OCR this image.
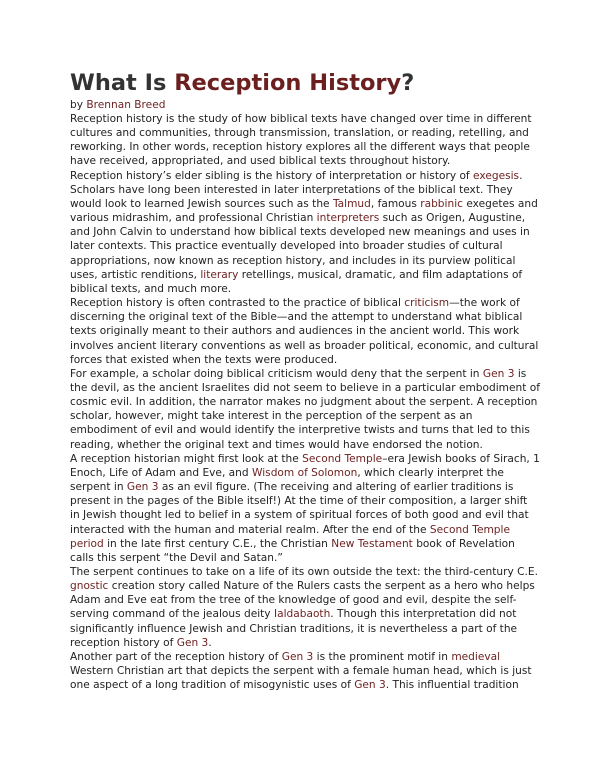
What Is Reception History?
by Brennan Breed

Reception history is the study of how biblical texts have changed over time in different cultures and communities, through transmission, translation, or reading, retelling, and reworking. In other words, reception history explores all the different ways that people have received, appropriated, and used biblical texts throughout history.

Reception history’s elder sibling is the history of interpretation or history of exegesis. Scholars have long been interested in later interpretations of the biblical text. They would look to learned Jewish sources such as the Talmud, famous rabbinic exegetes and various midrashim, and professional Christian interpreters such as Origen, Augustine, and John Calvin to understand how biblical texts developed new meanings and uses in later contexts. This practice eventually developed into broader studies of cultural appropriations, now known as reception history, and includes in its purview political uses, artistic renditions, literary retellings, musical, dramatic, and film adaptations of biblical texts, and much more.

Reception history is often contrasted to the practice of biblical criticism—the work of discerning the original text of the Bible—and the attempt to understand what biblical texts originally meant to their authors and audiences in the ancient world. This work involves ancient literary conventions as well as broader political, economic, and cultural forces that existed when the texts were produced.

For example, a scholar doing biblical criticism would deny that the serpent in Gen 3 is the devil, as the ancient Israelites did not seem to believe in a particular embodiment of cosmic evil. In addition, the narrator makes no judgment about the serpent. A reception scholar, however, might take interest in the perception of the serpent as an embodiment of evil and would identify the interpretive twists and turns that led to this reading, whether the original text and times would have endorsed the notion.

A reception historian might first look at the Second Temple–era Jewish books of Sirach, 1 Enoch, Life of Adam and Eve, and Wisdom of Solomon, which clearly interpret the serpent in Gen 3 as an evil figure. (The receiving and altering of earlier traditions is present in the pages of the Bible itself!) At the time of their composition, a larger shift in Jewish thought led to belief in a system of spiritual forces of both good and evil that interacted with the human and material realm. After the end of the Second Temple period in the late first century C.E., the Christian New Testament book of Revelation calls this serpent “the Devil and Satan.”

The serpent continues to take on a life of its own outside the text: the third-century C.E. gnostic creation story called Nature of the Rulers casts the serpent as a hero who helps Adam and Eve eat from the tree of the knowledge of good and evil, despite the self-serving command of the jealous deity Ialdabaoth. Though this interpretation did not significantly influence Jewish and Christian traditions, it is nevertheless a part of the reception history of Gen 3.

Another part of the reception history of Gen 3 is the prominent motif in medieval Western Christian art that depicts the serpent with a female human head, which is just one aspect of a long tradition of misogynistic uses of Gen 3. This influential tradition
